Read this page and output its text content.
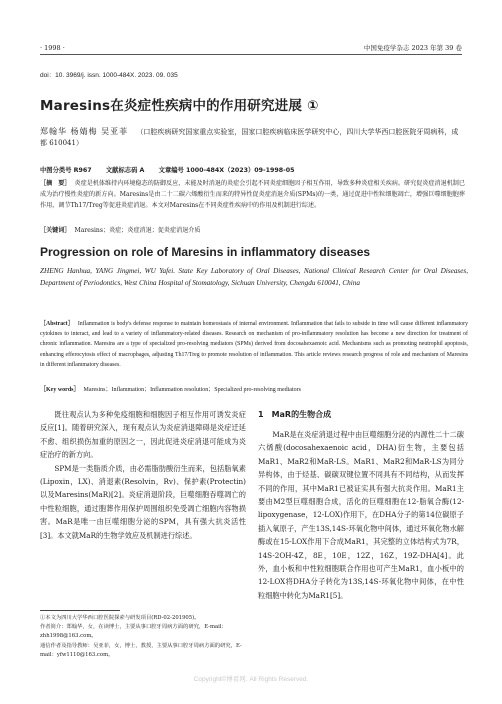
· 1998 ·	中国免疫学杂志 2023 年第 39 卷
doi：10. 3969/j. issn. 1000-484X. 2023. 09. 035
Maresins在炎症性疾病中的作用研究进展 ①
郑翰华 杨婧梅 吴亚菲 （口腔疾病研究国家重点实验室，国家口腔疾病临床医学研究中心，四川大学华西口腔医院牙周病科，成都 610041）
中图分类号 R967 文献标志码 A 文章编号 1000-484X（2023）09-1998-05
［摘　要］ 炎症是机体维持内环境稳态的防御反应，未能及时消退的炎症会引起不同炎症细胞因子相互作用，导致多种炎症相关疾病。研究促炎症消退机制已成为治疗慢性炎症的新方向。Maresins是由二十二碳六烯酸衍生而来的特异性促炎症消退介质(SPMs)的一类，通过促进中性粒细胞凋亡，增强巨噬细胞胞葬作用，调节Th17/Treg等促进炎症消退。本文对Maresins在不同炎症性疾病中的作用及机制进行综述。
［关键词］ Maresins；炎症；炎症消退；促炎症消退介质
Progression on role of Maresins in inflammatory diseases
ZHENG Hanhua, YANG Jingmei, WU Yafei. State Key Laboratory of Oral Diseases, National Clinical Research Center for Oral Diseases, Department of Periodontics, West China Hospital of Stomatology, Sichuan University, Chengdu 610041, China
［Abstract］ Inflammation is body's defense response to maintain homeostasis of internal environment. Inflammation that fails to subside in time will cause different inflammatory cytokines to interact, and lead to a variety of inflammatory-related diseases. Research on mechanism of pro-inflammatory resolution has become a new direction for treatment of chronic inflammation. Maresins are a type of specialized pro-resolving mediators (SPMs) derived from docosahexaenoic acid. Mechanisms such as promoting neutrophil apoptosis, enhancing efferocytosis effect of macrophages, adjusting Th17/Treg to promote resolution of inflammation. This article reviews research progress of role and mechanism of Maresins in different inflammatory diseases.
［Key words］ Maresins；Inflammation；Inflammation resolution；Specialized pro-resolving mediators

既往观点认为多种免疫细胞和细胞因子相互作用可诱发炎症反应[1]。随着研究深入，现有观点认为炎症消退障碍是炎症迁延不愈、组织损伤加重的原因之一，因此促进炎症消退可能成为炎症治疗的新方向。

SPM是一类脂质介质，由必需脂肪酸衍生而来，包括脂氧素(Lipoxin，LX)、消退素(Resolvin，Rv)、保护素(Protectin)以及Maresins(MaR)[2]。炎症消退阶段，巨噬细胞吞噬凋亡的中性粒细胞，通过胞葬作用保护周围组织免受凋亡细胞内容物损害。MaR是唯一由巨噬细胞分泌的SPM，具有强大抗炎活性[3]。本文就MaR的生物学效应及机制进行综述。

1　MaR的生物合成

MaR是在炎症消退过程中由巨噬细胞分泌的内源性二十二碳六烯酸(docosahexaenoic acid，DHA)衍生物，主要包括MaR1、MaR2和MaR-LS。MaR1、MaR2和MaR-LS为同分异构体，由于烃基、碳碳双键位置不同具有不同结构，从而发挥不同的作用，其中MaR1已被证实具有强大抗炎作用。MaR1主要由M2型巨噬细胞合成，活化的巨噬细胞在12-脂氧合酶(12-lipoxygenase，12-LOX)作用下，在DHA分子的第14位碳原子插入氧原子，产生13S,14S-环氧化物中间体，通过环氧化物水解酶或在15-LOX作用下合成MaR1，其完整的立体结构式为7R，14S-2OH-4Z，8E，10E，12Z，16Z，19Z-DHA[4]。此外，血小板和中性粒细胞联合作用也可产生MaR1，血小板中的12-LOX将DHA分子转化为13S,14S-环氧化物中间体，在中性粒细胞中转化为MaR1[5]。

①本文为四川大学华西口腔医院探索与研发项目(RD-02-201905)。
作者简介：郑翰华，女，在读博士，主要从事口腔牙周病方面的研究，E-mail：zhh1998@163.com。
通信作者及指导教师：吴亚菲，女，博士，教授，主要从事口腔牙周病方面的研究，E-mail：yfw1110@163.com。
Copyright©博看网. All Rights Reserved.
